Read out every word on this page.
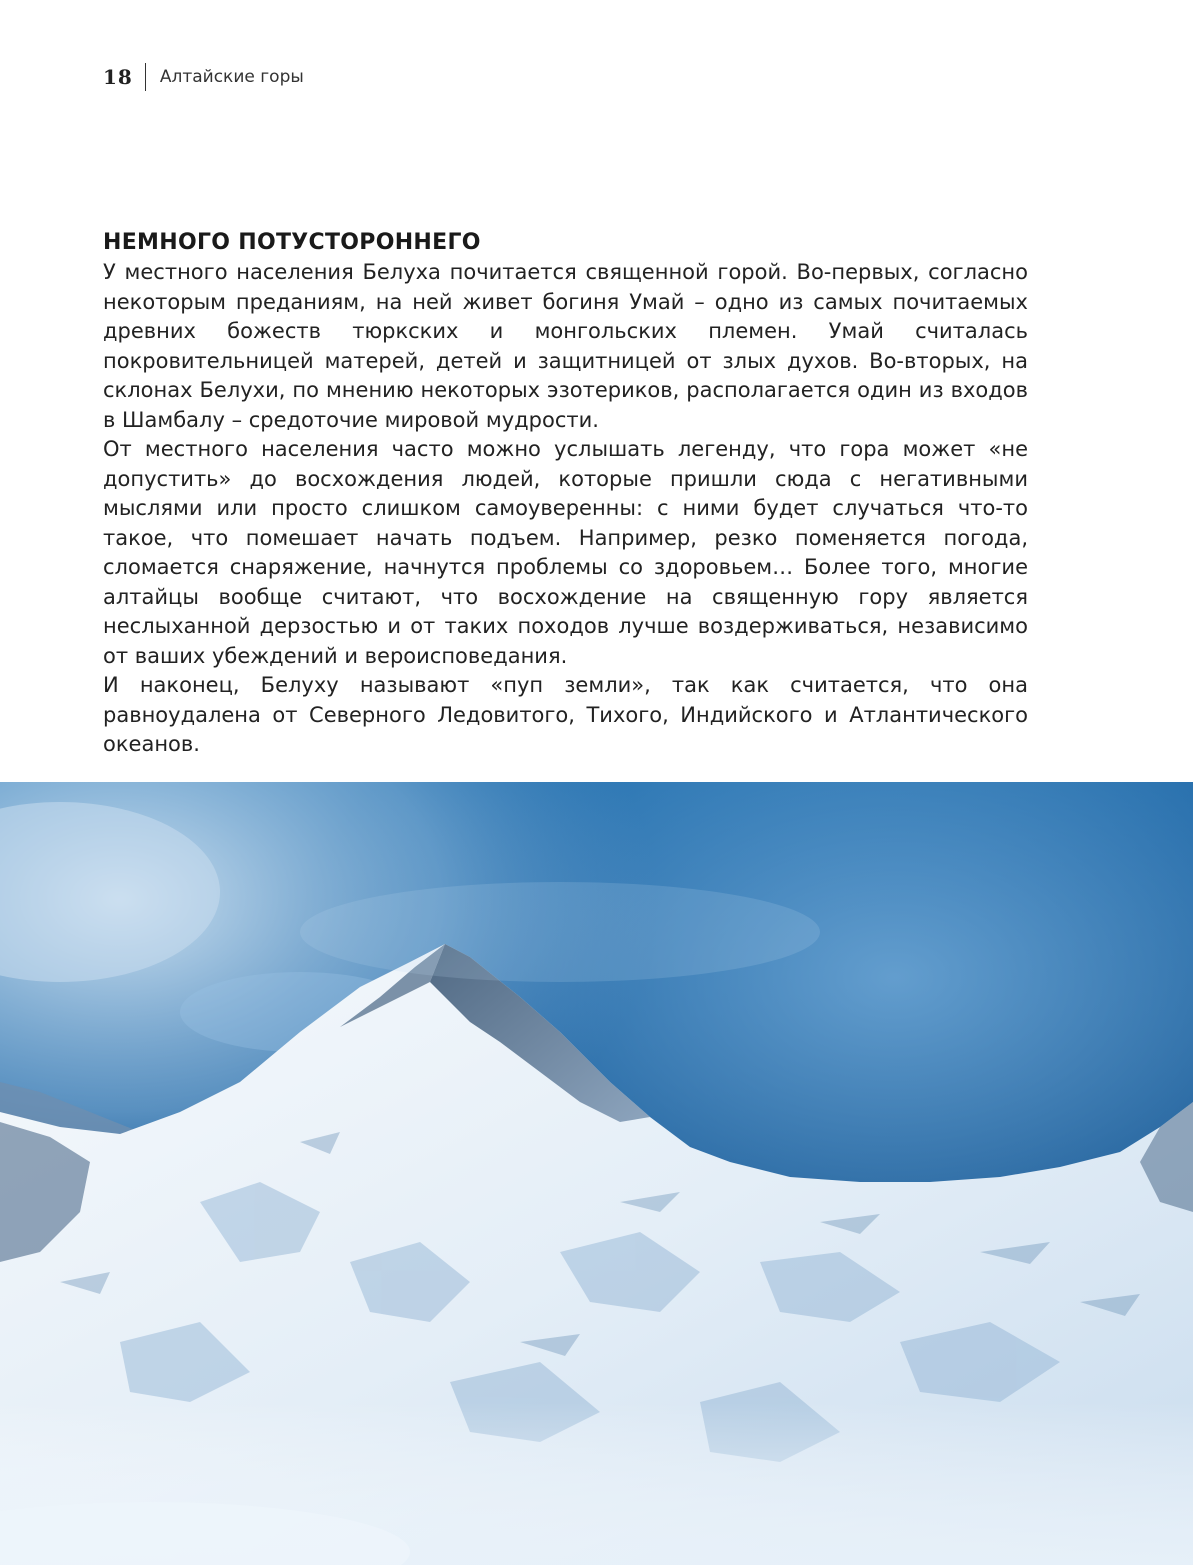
18 Алтайские горы
НЕМНОГО ПОТУСТОРОННЕГО

У местного населения Белуха почитается священной горой. Во-первых, согласно некоторым преданиям, на ней живет богиня Умай – одно из самых почитаемых древних божеств тюркских и монгольских племен. Умай считалась покровительницей матерей, детей и защитницей от злых духов. Во-вторых, на склонах Белухи, по мнению некоторых эзотериков, располагается один из входов в Шамбалу – средоточие мировой мудрости.

От местного населения часто можно услышать легенду, что гора может «не допустить» до восхождения людей, которые пришли сюда с негативными мыслями или просто слишком самоуверенны: с ними будет случаться что-то такое, что помешает начать подъем. Например, резко поменяется погода, сломается снаряжение, начнутся проблемы со здоровьем… Более того, многие алтайцы вообще считают, что восхождение на священную гору является неслыханной дерзостью и от таких походов лучше воздерживаться, независимо от ваших убеждений и вероисповедания.

И наконец, Белуху называют «пуп земли», так как считается, что она равноудалена от Северного Ледовитого, Тихого, Индийского и Атлантического океанов.
